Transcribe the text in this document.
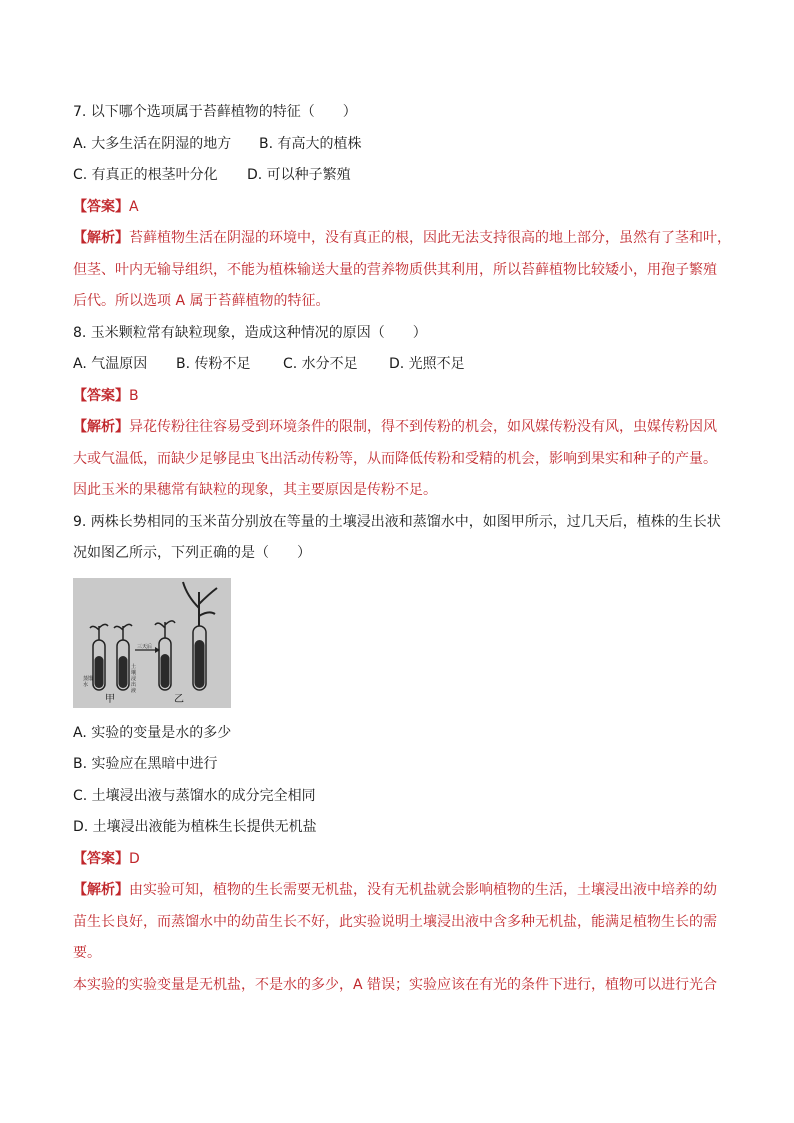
7. 以下哪个选项属于苔藓植物的特征（　　）
A. 大多生活在阴湿的地方 B. 有高大的植株
C. 有真正的根茎叶分化 D. 可以种子繁殖
【答案】A
【解析】苔藓植物生活在阴湿的环境中，没有真正的根，因此无法支持很高的地上部分，虽然有了茎和叶，
但茎、叶内无输导组织，不能为植株输送大量的营养物质供其利用，所以苔藓植物比较矮小，用孢子繁殖
后代。所以选项 A 属于苔藓植物的特征。
8. 玉米颗粒常有缺粒现象，造成这种情况的原因（　　）
A. 气温原因 B. 传粉不足 C. 水分不足 D. 光照不足
【答案】B
【解析】异花传粉往往容易受到环境条件的限制，得不到传粉的机会，如风媒传粉没有风，虫媒传粉因风
大或气温低，而缺少足够昆虫飞出活动传粉等，从而降低传粉和受精的机会，影响到果实和种子的产量。
因此玉米的果穗常有缺粒的现象，其主要原因是传粉不足。
9. 两株长势相同的玉米苗分别放在等量的土壤浸出液和蒸馏水中，如图甲所示，过几天后，植株的生长状
况如图乙所示，下列正确的是（　　）
蒸馏水
土壤浸出液
三天后
甲	乙
A. 实验的变量是水的多少
B. 实验应在黑暗中进行
C. 土壤浸出液与蒸馏水的成分完全相同
D. 土壤浸出液能为植株生长提供无机盐
【答案】D
【解析】由实验可知，植物的生长需要无机盐，没有无机盐就会影响植物的生活，土壤浸出液中培养的幼
苗生长良好，而蒸馏水中的幼苗生长不好，此实验说明土壤浸出液中含多种无机盐，能满足植物生长的需
要。
本实验的实验变量是无机盐，不是水的多少，A 错误；实验应该在有光的条件下进行，植物可以进行光合
